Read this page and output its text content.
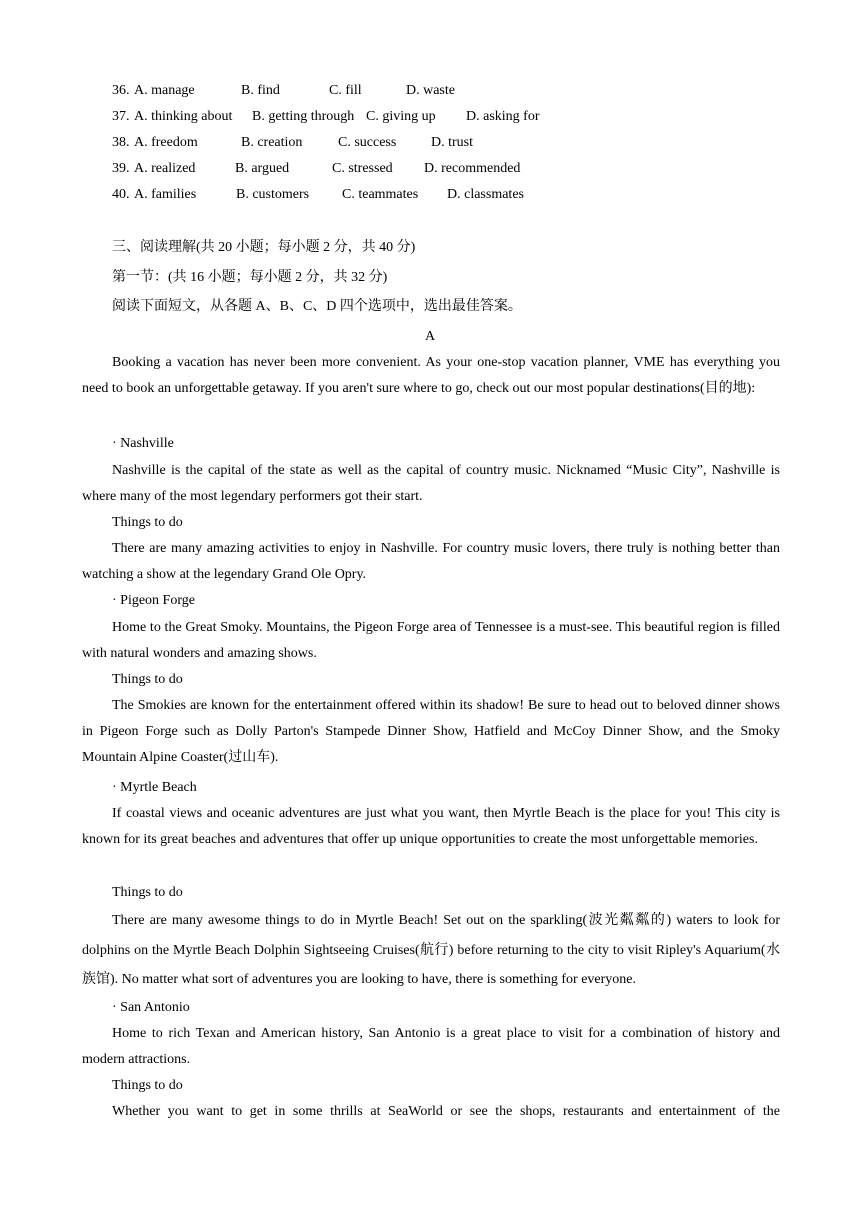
36. A. manage	B. find	C. fill	D. waste
37. A. thinking about B. getting through C. giving up D. asking for
38. A. freedom	B. creation	C. success D. trust
39. A. realized	B. argued	C. stressed D. recommended
40. A. families	B. customers C. teammates D. classmates
三、阅读理解(共 20 小题；每小题 2 分，共 40 分)
第一节：(共 16 小题；每小题 2 分，共 32 分)
阅读下面短文，从各题 A、B、C、D 四个选项中，选出最佳答案。
A

Booking a vacation has never been more convenient. As your one-stop vacation planner, VME has everything you need to book an unforgettable getaway. If you aren't sure where to go, check out our most popular destinations(目的地):

· Nashville

Nashville is the capital of the state as well as the capital of country music. Nicknamed “Music City”, Nashville is where many of the most legendary performers got their start.

Things to do

There are many amazing activities to enjoy in Nashville. For country music lovers, there truly is nothing better than watching a show at the legendary Grand Ole Opry.

· Pigeon Forge

Home to the Great Smoky. Mountains, the Pigeon Forge area of Tennessee is a must-see. This beautiful region is filled with natural wonders and amazing shows.

Things to do

The Smokies are known for the entertainment offered within its shadow! Be sure to head out to beloved dinner shows in Pigeon Forge such as Dolly Parton's Stampede Dinner Show, Hatfield and McCoy Dinner Show, and the Smoky Mountain Alpine Coaster(过山车).

· Myrtle Beach

If coastal views and oceanic adventures are just what you want, then Myrtle Beach is the place for you! This city is known for its great beaches and adventures that offer up unique opportunities to create the most unforgettable memories.

Things to do

There are many awesome things to do in Myrtle Beach! Set out on the sparkling(波光粼粼的) waters to look for dolphins on the Myrtle Beach Dolphin Sightseeing Cruises(航行) before returning to the city to visit Ripley's Aquarium(水族馆). No matter what sort of adventures you are looking to have, there is something for everyone.

· San Antonio

Home to rich Texan and American history, San Antonio is a great place to visit for a combination of history and modern attractions.

Things to do

Whether you want to get in some thrills at SeaWorld or see the shops, restaurants and entertainment of the
